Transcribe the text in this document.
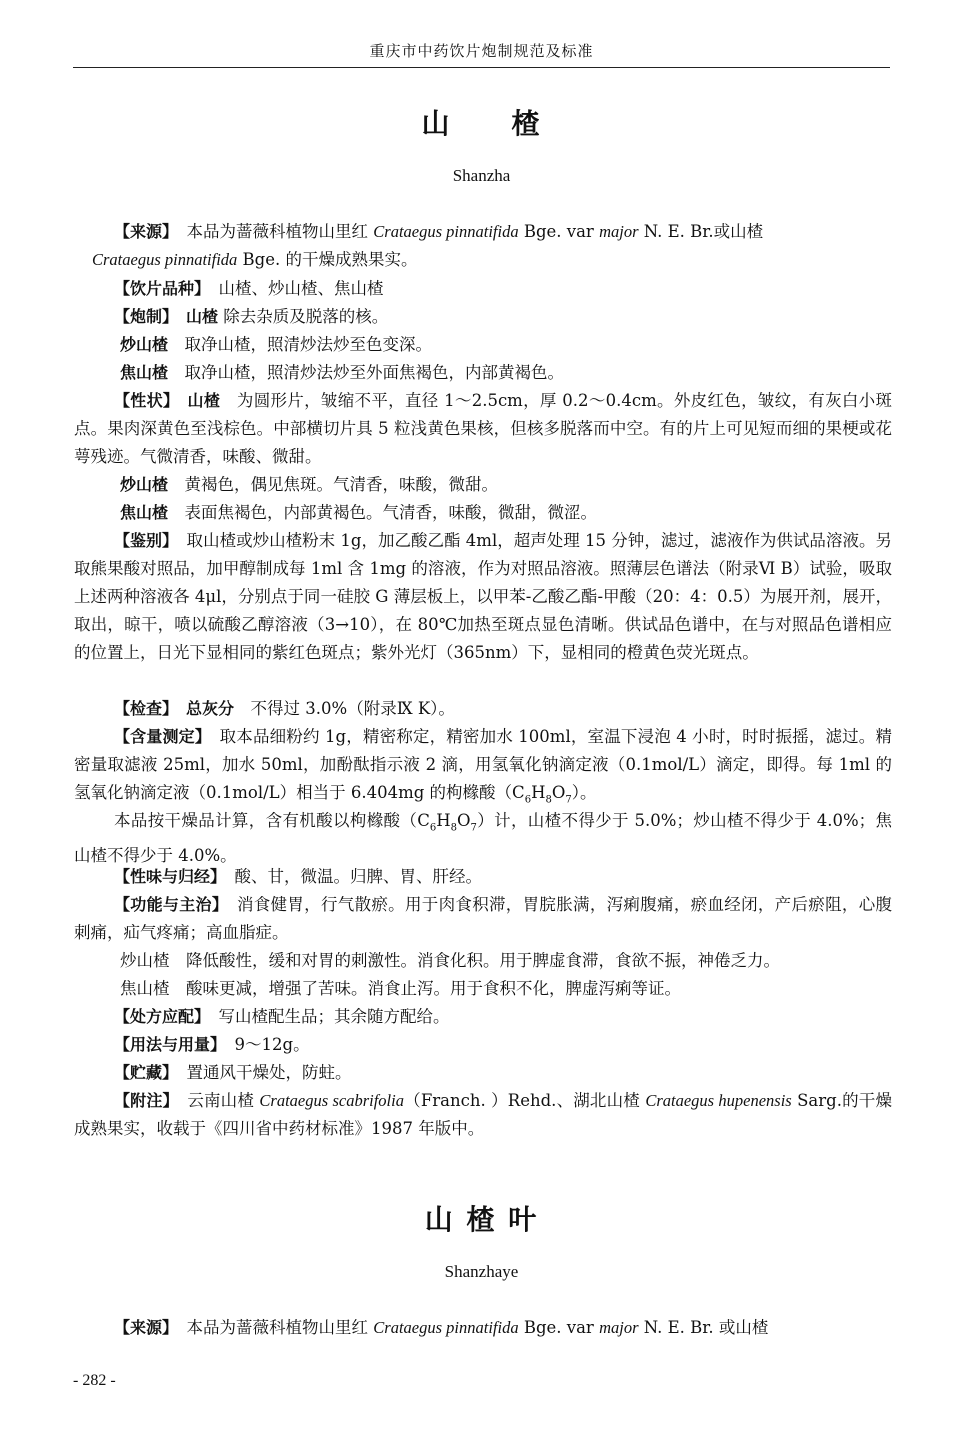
重庆市中药饮片炮制规范及标准
山　　楂
Shanzha
【来源】　本品为蔷薇科植物山里红 Crataegus pinnatifida Bge. var major N. E. Br.或山楂
Crataegus pinnatifida Bge. 的干燥成熟果实。
【饮片品种】　山楂、炒山楂、焦山楂
【炮制】　山楂 除去杂质及脱落的核。
炒山楂　取净山楂，照清炒法炒至色变深。
焦山楂　取净山楂，照清炒法炒至外面焦褐色，内部黄褐色。
【性状】　山楂　为圆形片，皱缩不平，直径 1～2.5cm，厚 0.2～0.4cm。外皮红色，皱纹，有灰白小斑点。果肉深黄色至浅棕色。中部横切片具 5 粒浅黄色果核，但核多脱落而中空。有的片上可见短而细的果梗或花萼残迹。气微清香，味酸、微甜。
炒山楂　黄褐色，偶见焦斑。气清香，味酸，微甜。
焦山楂　表面焦褐色，内部黄褐色。气清香，味酸，微甜，微涩。
【鉴别】　取山楂或炒山楂粉末 1g，加乙酸乙酯 4ml，超声处理 15 分钟，滤过，滤液作为供试品溶液。另取熊果酸对照品，加甲醇制成每 1ml 含 1mg 的溶液，作为对照品溶液。照薄层色谱法（附录Ⅵ B）试验，吸取上述两种溶液各 4μl，分别点于同一硅胶 G 薄层板上，以甲苯-乙酸乙酯-甲酸（20：4：0.5）为展开剂，展开，取出，晾干，喷以硫酸乙醇溶液（3→10），在 80℃加热至斑点显色清晰。供试品色谱中，在与对照品色谱相应的位置上，日光下显相同的紫红色斑点；紫外光灯（365nm）下，显相同的橙黄色荧光斑点。
【检查】　总灰分　不得过 3.0%（附录Ⅸ K）。
【含量测定】　取本品细粉约 1g，精密称定，精密加水 100ml，室温下浸泡 4 小时，时时振摇，滤过。精密量取滤液 25ml，加水 50ml，加酚酞指示液 2 滴，用氢氧化钠滴定液（0.1mol/L）滴定，即得。每 1ml 的氢氧化钠滴定液（0.1mol/L）相当于 6.404mg 的枸橼酸$(C_6H_8O_7)$。
本品按干燥品计算，含有机酸以枸橼酸$(C_6H_8O_7)$计，山楂不得少于 5.0%；炒山楂不得少于 4.0%；焦山楂不得少于 4.0%。
【性味与归经】　酸、甘，微温。归脾、胃、肝经。
【功能与主治】　消食健胃，行气散瘀。用于肉食积滞，胃脘胀满，泻痢腹痛，瘀血经闭，产后瘀阻，心腹刺痛，疝气疼痛；高血脂症。
炒山楂　降低酸性，缓和对胃的刺激性。消食化积。用于脾虚食滞，食欲不振，神倦乏力。
焦山楂　酸味更减，增强了苦味。消食止泻。用于食积不化，脾虚泻痢等证。
【处方应配】　写山楂配生品；其余随方配给。
【用法与用量】　9～12g。
【贮藏】　置通风干燥处，防蛀。
【附注】　云南山楂 Crataegus scabrifolia（Franch. ）Rehd.、湖北山楂 Crataegus hupenensis Sarg.的干燥成熟果实，收载于《四川省中药材标准》1987 年版中。
山 楂 叶
Shanzhaye
【来源】　本品为蔷薇科植物山里红 Crataegus pinnatifida Bge. var major N. E. Br. 或山楂
- 282 -
